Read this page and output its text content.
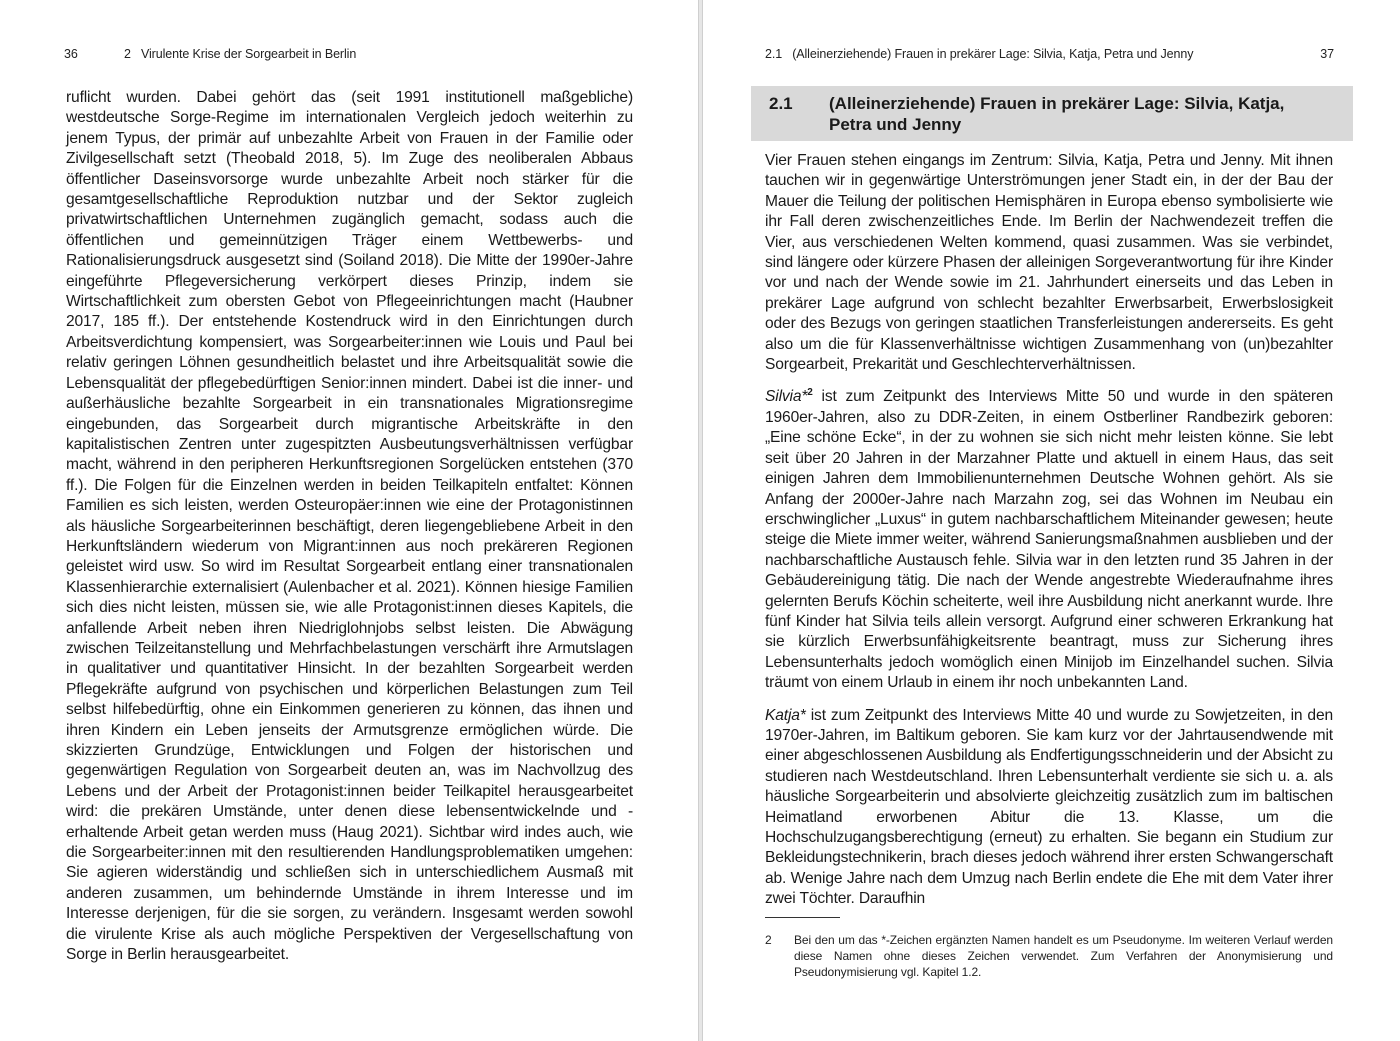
36	2   Virulente Krise der Sorgearbeit in Berlin

ruflicht wurden. Dabei gehört das (seit 1991 institutionell maßgebliche) westdeutsche Sorge-Regime im internationalen Vergleich jedoch weiterhin zu jenem Typus, der primär auf unbezahlte Arbeit von Frauen in der Familie oder Zivilgesellschaft setzt (Theobald 2018, 5). Im Zuge des neoliberalen Abbaus öffentlicher Daseinsvorsorge wurde unbezahlte Arbeit noch stärker für die gesamtgesellschaftliche Reproduktion nutzbar und der Sektor zugleich privatwirtschaftlichen Unternehmen zugänglich gemacht, sodass auch die öffentlichen und gemeinnützigen Träger einem Wettbewerbs- und Rationalisierungsdruck ausgesetzt sind (Soiland 2018). Die Mitte der 1990er-Jahre eingeführte Pflegeversicherung verkörpert dieses Prinzip, indem sie Wirtschaftlichkeit zum obersten Gebot von Pflegeeinrichtungen macht (Haubner 2017, 185 ff.). Der entstehende Kostendruck wird in den Einrichtungen durch Arbeitsverdichtung kompensiert, was Sorgearbeiter:innen wie Louis und Paul bei relativ geringen Löhnen gesundheitlich belastet und ihre Arbeitsqualität sowie die Lebensqualität der pflegebedürftigen Senior:innen mindert. Dabei ist die inner- und außerhäusliche bezahlte Sorgearbeit in ein transnationales Migrationsregime eingebunden, das Sorgearbeit durch migrantische Arbeitskräfte in den kapitalistischen Zentren unter zugespitzten Ausbeutungsverhältnissen verfügbar macht, während in den peripheren Herkunftsregionen Sorgelücken entstehen (370 ff.). Die Folgen für die Einzelnen werden in beiden Teilkapiteln entfaltet: Können Familien es sich leisten, werden Osteuropäer:innen wie eine der Protagonistinnen als häusliche Sorgearbeiterinnen beschäftigt, deren liegengebliebene Arbeit in den Herkunftsländern wiederum von Migrant:innen aus noch prekäreren Regionen geleistet wird usw. So wird im Resultat Sorgearbeit entlang einer transnationalen Klassenhierarchie externalisiert (Aulenbacher et al. 2021). Können hiesige Familien sich dies nicht leisten, müssen sie, wie alle Protagonist:innen dieses Kapitels, die anfallende Arbeit neben ihren Niedriglohnjobs selbst leisten. Die Abwägung zwischen Teilzeitanstellung und Mehrfachbelastungen verschärft ihre Armutslagen in qualitativer und quantitativer Hinsicht. In der bezahlten Sorgearbeit werden Pflegekräfte aufgrund von psychischen und körperlichen Belastungen zum Teil selbst hilfebedürftig, ohne ein Einkommen generieren zu können, das ihnen und ihren Kindern ein Leben jenseits der Armutsgrenze ermöglichen würde. Die skizzierten Grundzüge, Entwicklungen und Folgen der historischen und gegenwärtigen Regulation von Sorgearbeit deuten an, was im Nachvollzug des Lebens und der Arbeit der Protagonist:innen beider Teilkapitel herausgearbeitet wird: die prekären Umstände, unter denen diese lebensentwickelnde und -erhaltende Arbeit getan werden muss (Haug 2021). Sichtbar wird indes auch, wie die Sorgearbeiter:innen mit den resultierenden Handlungsproblematiken umgehen: Sie agieren widerständig und schließen sich in unterschiedlichem Ausmaß mit anderen zusammen, um behindernde Umstände in ihrem Interesse und im Interesse derjenigen, für die sie sorgen, zu verändern. Insgesamt werden sowohl die virulente Krise als auch mögliche Perspektiven der Vergesellschaftung von Sorge in Berlin herausgearbeitet.

2.1   (Alleinerziehende) Frauen in prekärer Lage: Silvia, Katja, Petra und Jenny	37
2.1 (Alleinerziehende) Frauen in prekärer Lage: Silvia, Katja, Petra und Jenny

Vier Frauen stehen eingangs im Zentrum: Silvia, Katja, Petra und Jenny. Mit ihnen tauchen wir in gegenwärtige Unterströmungen jener Stadt ein, in der der Bau der Mauer die Teilung der politischen Hemisphären in Europa ebenso symbolisierte wie ihr Fall deren zwischenzeitliches Ende. Im Berlin der Nachwendezeit treffen die Vier, aus verschiedenen Welten kommend, quasi zusammen. Was sie verbindet, sind längere oder kürzere Phasen der alleinigen Sorgeverantwortung für ihre Kinder vor und nach der Wende sowie im 21. Jahrhundert einerseits und das Leben in prekärer Lage aufgrund von schlecht bezahlter Erwerbsarbeit, Erwerbslosigkeit oder des Bezugs von geringen staatlichen Transferleistungen andererseits. Es geht also um die für Klassenverhältnisse wichtigen Zusammenhang von (un)bezahlter Sorgearbeit, Prekarität und Geschlechterverhältnissen.

Silvia*$^2$ ist zum Zeitpunkt des Interviews Mitte 50 und wurde in den späteren 1960er-Jahren, also zu DDR-Zeiten, in einem Ostberliner Randbezirk geboren: „Eine schöne Ecke“, in der zu wohnen sie sich nicht mehr leisten könne. Sie lebt seit über 20 Jahren in der Marzahner Platte und aktuell in einem Haus, das seit einigen Jahren dem Immobilienunternehmen Deutsche Wohnen gehört. Als sie Anfang der 2000er-Jahre nach Marzahn zog, sei das Wohnen im Neubau ein erschwinglicher „Luxus“ in gutem nachbarschaftlichem Miteinander gewesen; heute steige die Miete immer weiter, während Sanierungsmaßnahmen ausblieben und der nachbarschaftliche Austausch fehle. Silvia war in den letzten rund 35 Jahren in der Gebäudereinigung tätig. Die nach der Wende angestrebte Wiederaufnahme ihres gelernten Berufs Köchin scheiterte, weil ihre Ausbildung nicht anerkannt wurde. Ihre fünf Kinder hat Silvia teils allein versorgt. Aufgrund einer schweren Erkrankung hat sie kürzlich Erwerbsunfähigkeitsrente beantragt, muss zur Sicherung ihres Lebensunterhalts jedoch womöglich einen Minijob im Einzelhandel suchen. Silvia träumt von einem Urlaub in einem ihr noch unbekannten Land.

Katja* ist zum Zeitpunkt des Interviews Mitte 40 und wurde zu Sowjetzeiten, in den 1970er-Jahren, im Baltikum geboren. Sie kam kurz vor der Jahrtausendwende mit einer abgeschlossenen Ausbildung als Endfertigungsschneiderin und der Absicht zu studieren nach Westdeutschland. Ihren Lebensunterhalt verdiente sie sich u. a. als häusliche Sorgearbeiterin und absolvierte gleichzeitig zusätzlich zum im baltischen Heimatland erworbenen Abitur die 13. Klasse, um die Hochschulzugangsberechtigung (erneut) zu erhalten. Sie begann ein Studium zur Bekleidungstechnikerin, brach dieses jedoch während ihrer ersten Schwangerschaft ab. Wenige Jahre nach dem Umzug nach Berlin endete die Ehe mit dem Vater ihrer zwei Töchter. Daraufhin

2 Bei den um das *-Zeichen ergänzten Namen handelt es um Pseudonyme. Im weiteren Verlauf werden diese Namen ohne dieses Zeichen verwendet. Zum Verfahren der Anonymisierung und Pseudonymisierung vgl. Kapitel 1.2.
